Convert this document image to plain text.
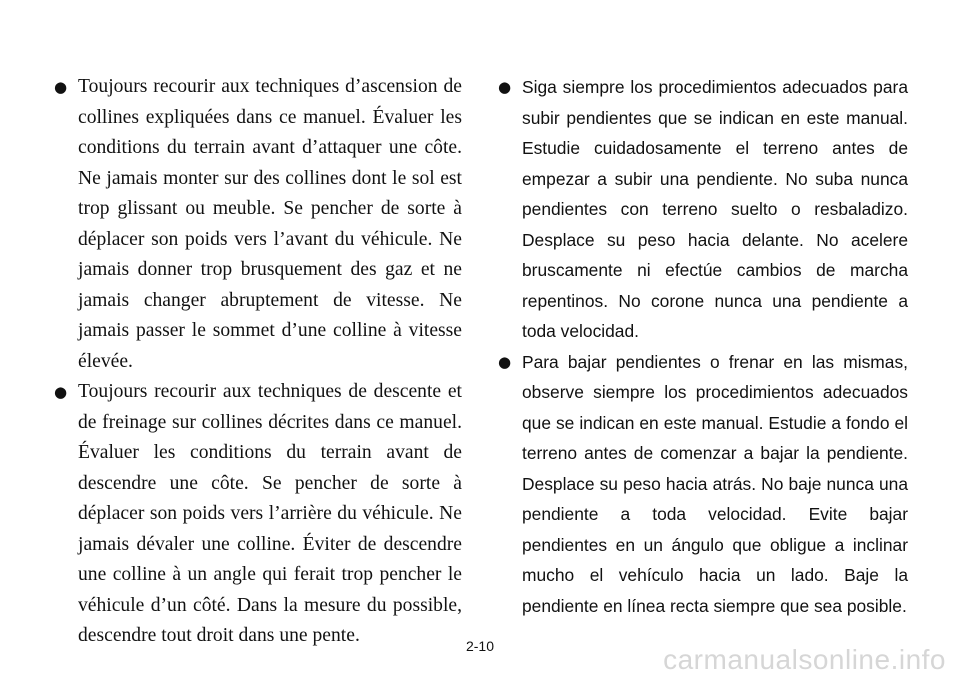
● Toujours recourir aux techniques d’ascension de collines expliquées dans ce manuel. Évaluer les conditions du terrain avant d’attaquer une côte. Ne jamais monter sur des collines dont le sol est trop glissant ou meuble. Se pencher de sorte à déplacer son poids vers l’avant du véhicule. Ne jamais donner trop brusquement des gaz et ne jamais changer abruptement de vitesse. Ne jamais passer le sommet d’une colline à vitesse élevée.
● Toujours recourir aux techniques de descente et de freinage sur collines décrites dans ce manuel. Évaluer les conditions du terrain avant de descendre une côte. Se pencher de sorte à déplacer son poids vers l’arrière du véhicule. Ne jamais dévaler une colline. Éviter de descendre une colline à un angle qui ferait trop pencher le véhicule d’un côté. Dans la mesure du possible, descendre tout droit dans une pente.
● Siga siempre los procedimientos adecuados para subir pendientes que se indican en este manual. Estudie cuidadosamente el terreno antes de empezar a subir una pendiente. No suba nunca pendientes con terreno suelto o resbaladizo. Desplace su peso hacia delante. No acelere bruscamente ni efectúe cambios de marcha repentinos. No corone nunca una pendiente a toda velocidad.
● Para bajar pendientes o frenar en las mismas, observe siempre los procedimientos adecuados que se indican en este manual. Estudie a fondo el terreno antes de comenzar a bajar la pendiente. Desplace su peso hacia atrás. No baje nunca una pendiente a toda velocidad. Evite bajar pendientes en un ángulo que obligue a inclinar mucho el vehículo hacia un lado. Baje la pendiente en línea recta siempre que sea posible.
2-10	carmanualsonline.info
